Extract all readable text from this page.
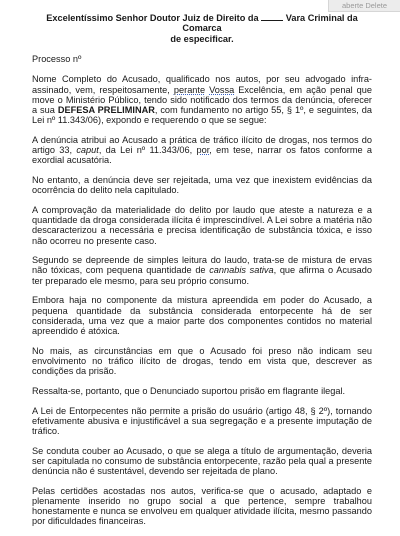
aberte Delete
Excelentíssimo Senhor Doutor Juiz de Direito da	Vara Criminal da Comarca
de especificar.

Processo nº

Nome Completo do Acusado, qualificado nos autos, por seu advogado infra-assinado, vem, respeitosamente, perante Vossa Excelência, em ação penal que move o Ministério Público, tendo sido notificado dos termos da denúncia, oferecer a sua DEFESA PRELIMINAR, com fundamento no artigo 55, § 1º, e seguintes, da Lei nº 11.343/06), expondo e requerendo o que se segue:

A denúncia atribui ao Acusado a prática de tráfico ilícito de drogas, nos termos do artigo 33, caput, da Lei nº 11.343/06, por, em tese, narrar os fatos conforme a exordial acusatória.

No entanto, a denúncia deve ser rejeitada, uma vez que inexistem evidências da ocorrência do delito nela capitulado.

A comprovação da materialidade do delito por laudo que ateste a natureza e a quantidade da droga considerada ilícita é imprescindível. A Lei sobre a matéria não descaracterizou a necessária e precisa identificação de substância tóxica, e isso não ocorreu no presente caso.

Segundo se depreende de simples leitura do laudo, trata-se de mistura de ervas não tóxicas, com pequena quantidade de cannabis sativa, que afirma o Acusado ter preparado ele mesmo, para seu próprio consumo.

Embora haja no componente da mistura apreendida em poder do Acusado, a pequena quantidade da substância considerada entorpecente há de ser considerada, uma vez que a maior parte dos componentes contidos no material apreendido é atóxica.

No mais, as circunstâncias em que o Acusado foi preso não indicam seu envolvimento no tráfico ilícito de drogas, tendo em vista que, descrever as condições da prisão.

Ressalta-se, portanto, que o Denunciado suportou prisão em flagrante ilegal.

A Lei de Entorpecentes não permite a prisão do usuário (artigo 48, § 2º), tornando efetivamente abusiva e injustificável a sua segregação e a presente imputação de tráfico.

Se conduta couber ao Acusado, o que se alega a título de argumentação, deveria ser capitulada no consumo de substância entorpecente, razão pela qual a presente denúncia não é sustentável, devendo ser rejeitada de plano.

Pelas certidões acostadas nos autos, verifica-se que o acusado, adaptado e plenamente inserido no grupo social a que pertence, sempre trabalhou honestamente e nunca se envolveu em qualquer atividade ilícita, mesmo passando por dificuldades financeiras.
